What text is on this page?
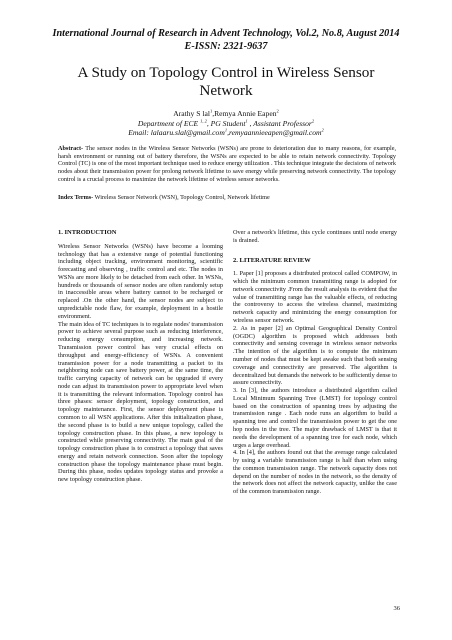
International Journal of Research in Advent Technology, Vol.2, No.8, August 2014
E-ISSN: 2321-9637
A Study on Topology Control in Wireless Sensor
Network
Arathy S lal$^1$,Remya Annie Eapen$^2$
Department of ECE $^{1, 2}$, PG Student$^1$ , Assistant Professor$^2$
Email: lalaaru.slal@gmail.com$^1$,remyaannieeapen@gmail.com$^2$
Abstract- The sensor nodes in the Wireless Sensor Networks (WSNs) are prone to deterioration due to many reasons, for example, harsh environment or running out of battery therefore, the WSNs are expected to be able to retain network connectivity. Topology Control (TC) is one of the most important technique used to reduce energy utilization . This technique integrate the decisions of network nodes about their transmission power for prolong network lifetime to save energy while preserving network connectivity. The topology control is a crucial process to maximize the network lifetime of wireless sensor networks.
Index Terms- Wireless Sensor Network (WSN), Topology Control, Network lifetime
1. INTRODUCTION

Wireless Sensor Networks (WSNs) have become a looming technology that has a extensive range of potential functioning including object tracking, environment monitoring, scientific forecasting and observing , traffic control and etc. The nodes in WSNs are more likely to be detached from each other. In WSNs, hundreds or thousands of sensor nodes are often randomly setup in inaccessible areas where battery cannot to be recharged or replaced .On the other hand, the sensor nodes are subject to unpredictable node flaw, for example, deployment in a hostile environment.

The main idea of TC techniques is to regulate nodes' transmission power to achieve several purpose such as reducing interference, reducing energy consumption, and increasing network. Transmission power control has very crucial effects on throughput and energy-efficiency of WSNs. A convenient transmission power for a node transmitting a packet to its neighboring node can save battery power, at the same time, the traffic carrying capacity of network can be upgraded if every node can adjust its transmission power to appropriate level when it is transmitting the relevant information. Topology control has three phases: sensor deployment, topology construction, and topology maintenance. First, the sensor deployment phase is common to all WSN applications. After this initialization phase, the second phase is to build a new unique topology, called the topology construction phase. In this phase, a new topology is constructed while preserving connectivity. The main goal of the topology construction phase is to construct a topology that saves energy and retain network connection. Soon after the topology construction phase the topology maintenance phase must begin. During this phase, nodes updates topology status and provoke a new topology construction phase.

Over a network's lifetime, this cycle continues until node energy is drained.

2. LITERATURE REVIEW

1. Paper [1] proposes a distributed protocol called COMPOW, in which the minimum common transmitting range is adopted for network connectivity .From the result analysis its evident that the value of transmitting range has the valuable effects, of reducing the controversy to access the wireless channel, maximizing network capacity and minimizing the energy consumption for wireless sensor network.

2. As in paper [2] an Optimal Geographical Density Control (OGDC) algorithm is proposed which addresses both connectivity and sensing coverage in wireless sensor networks .The intention of the algorithm is to compute the minimum number of nodes that must be kept awake such that both sensing coverage and connectivity are preserved. The algorithm is decentralized but demands the network to be sufficiently dense to assure connectivity.

3. In [3], the authors introduce a distributed algorithm called Local Minimum Spanning Tree (LMST) for topology control based on the construction of spanning trees by adjusting the transmission range . Each node runs an algorithm to build a spanning tree and control the transmission power to get the one hop nodes in the tree. The major drawback of LMST is that it needs the development of a spanning tree for each node, which urges a large overhead.

4. In [4], the authors found out that the average range calculated by using a variable transmission range is half than when using the common transmission range. The network capacity does not depend on the number of nodes in the network, so the density of the network does not affect the network capacity, unlike the case of the common transmission range.

36
